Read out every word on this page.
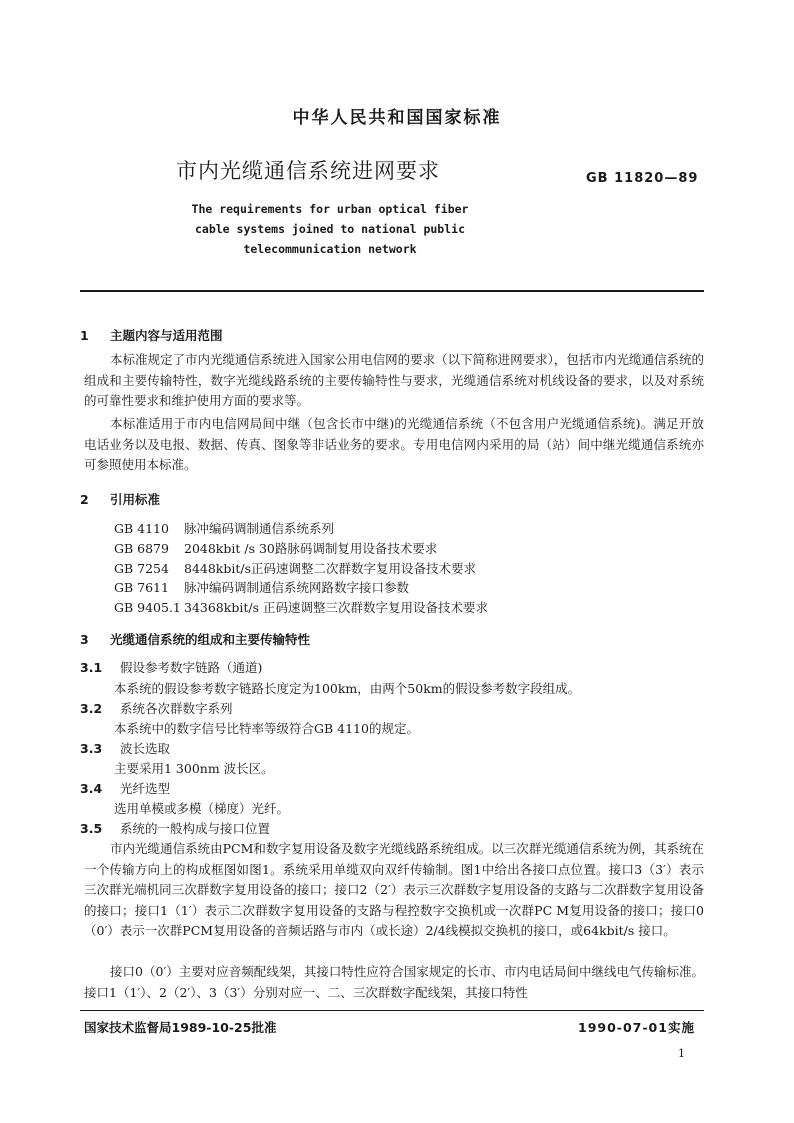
中华人民共和国国家标准
市内光缆通信系统进网要求	GB 11820—89
The requirements for urban optical fiber
cable systems joined to national public
telecommunication network
1 主题内容与适用范围
本标准规定了市内光缆通信系统进入国家公用电信网的要求（以下简称进网要求），包括市内光缆通信系统的组成和主要传输特性，数字光缆线路系统的主要传输特性与要求，光缆通信系统对机线设备的要求，以及对系统的可靠性要求和维护使用方面的要求等。
本标准适用于市内电信网局间中继（包含长市中继)的光缆通信系统（不包含用户光缆通信系统)。满足开放电话业务以及电报、数据、传真、图象等非话业务的要求。专用电信网内采用的局（站）间中继光缆通信系统亦可参照使用本标准。
2 引用标准
GB 4110 脉冲编码调制通信系统系列
GB 6879 2048kbit /s 30路脉码调制复用设备技术要求
GB 7254 8448kbit/s正码速调整二次群数字复用设备技术要求
GB 7611 脉冲编码调制通信系统网路数字接口参数
GB 9405.1 34368kbit/s 正码速调整三次群数字复用设备技术要求
3 光缆通信系统的组成和主要传输特性
3.1 假设参考数字链路（通道)
本系统的假设参考数字链路长度定为100km，由两个50km的假设参考数字段组成。
3.2 系统各次群数字系列
本系统中的数字信号比特率等级符合GB 4110的规定。
3.3 波长选取
主要采用1 300nm 波长区。
3.4 光纤选型
选用单模或多模（梯度）光纤。
3.5 系统的一般构成与接口位置
市内光缆通信系统由PCM和数字复用设备及数字光缆线路系统组成。以三次群光缆通信系统为例，其系统在一个传输方向上的构成框图如图1。系统采用单缆双向双纤传输制。图1中给出各接口点位置。接口3（3′）表示三次群光端机同三次群数字复用设备的接口；接口2（2′）表示三次群数字复用设备的支路与二次群数字复用设备的接口；接口1（1′）表示二次群数字复用设备的支路与程控数字交换机或一次群PC M复用设备的接口；接口0（0′）表示一次群PCM复用设备的音频话路与市内（或长途）2/4线模拟交换机的接口，或64kbit/s 接口。
接口0（0′）主要对应音频配线架，其接口特性应符合国家规定的长市、市内电话局间中继线电气传输标准。接口1（1′）、2（2′）、3（3′）分别对应一、二、三次群数字配线架，其接口特性
国家技术监督局1989-10-25批准	1990-07-01实施
1
